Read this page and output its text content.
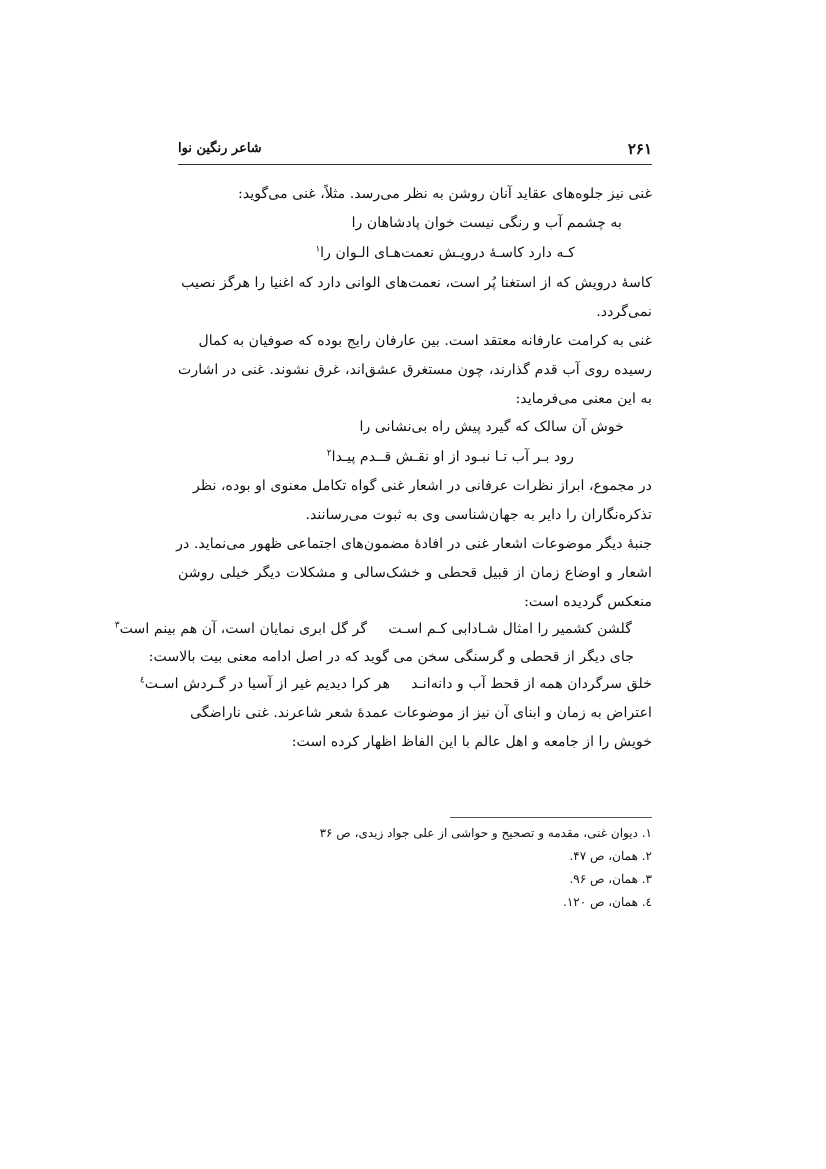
۲۶۱
شاعر رنگین نوا
غنی نیز جلوه‌های عقاید آنان روشن به نظر می‌رسد. مثلاً، غنی می‌گوید:
به چشمم آب و رنگی نیست خوان پادشاهان را
کـه دارد کاسـهٔ درویـش نعمت‌هـای الـوان را$^۱$
کاسهٔ درویش که از استغنا پُر است، نعمت‌های الوانی دارد که اغنیا را هرگز نصیب
نمی‌گردد.
غنی به کرامت عارفانه معتقد است. بین عارفان رایج بوده که صوفیان به کمال
رسیده روی آب قدم گذارند، چون مستغرق عشق‌اند، غرق نشوند. غنی در اشارت
به این معنی می‌فرماید:
خوش آن سالک که گیرد پیش راه بی‌نشانی را
رود بـر آب تـا نبـود از او نقـش قــدم پیـدا$^۲$
در مجموع، ابراز نظرات عرفانی در اشعار غنی گواه تکامل معنوی او بوده، نظر
تذکره‌نگاران را دایر به جهان‌شناسی وی به ثبوت می‌رسانند.
جنبهٔ دیگر موضوعات اشعار غنی در افادهٔ مضمون‌های اجتماعی ظهور می‌نماید. در
اشعار و اوضاع زمان از قبیل قحطی و خشک‌سالی و مشکلات دیگر خیلی روشن
منعکس گردیده است:
گلشن کشمیر را امثال شـادابی کـم اسـت  گر گل ابری نمایان است، آن هم بینم است$^۳$
جای دیگر از قحطی و گرسنگی سخن می گوید که در اصل ادامه معنی بیت بالاست:
خلق سرگردان همه از قحط آب و دانه‌انـد  هر کرا دیدیم غیر از آسیا در گـردش اسـت$^٤$
اعتراض به زمان و ابنای آن نیز از موضوعات عمدهٔ شعر شاعرند. غنی ناراضگی
خویش را از جامعه و اهل عالم با این الفاظ اظهار کرده است:
۱. دیوان غنی، مقدمه و تصحیح و حواشی از علی جواد زیدی، ص ۳۶
۲. همان، ص ۴۷.
۳. همان، ص ۹۶.
٤. همان، ص ۱۲۰.
